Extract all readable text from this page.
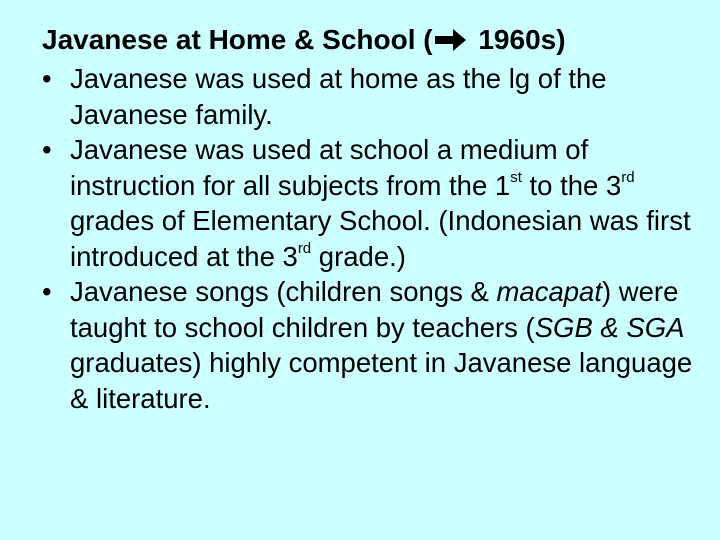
Javanese at Home & School ( 1960s)
• Javanese was used at home as the lg of the Javanese family.
• Javanese was used at school a medium of instruction for all subjects from the 1st to the 3rd grades of Elementary School. (Indonesian was first introduced at the 3rd grade.)
• Javanese songs (children songs & macapat) were taught to school children by teachers (SGB & SGA graduates) highly competent in Javanese language & literature.
